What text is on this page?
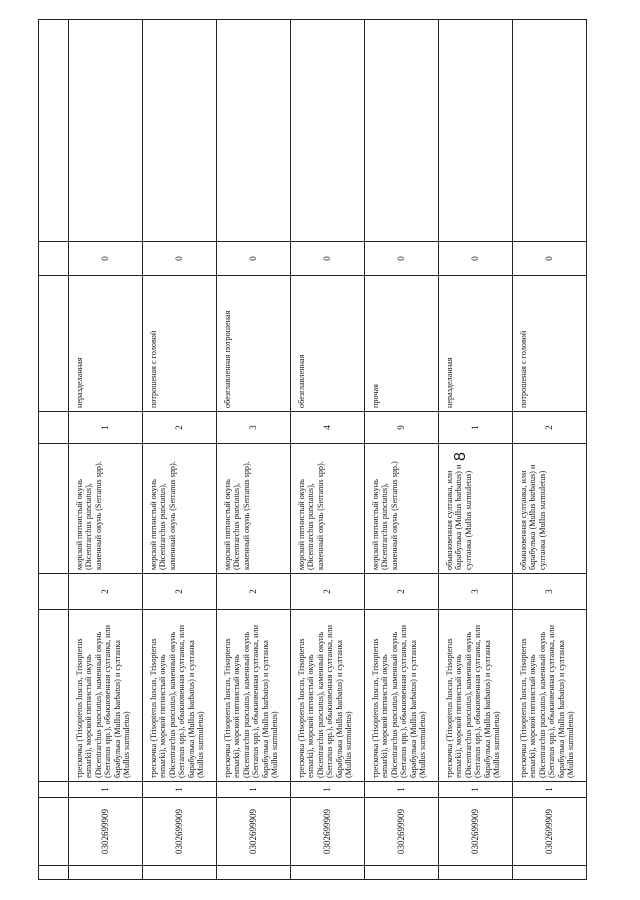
8

	0302699909	1	трескочка (Trisopterus luscus, Trisopterus esmarki), морской пятнистый окунь (Dicentrarchus punctatus), каменный окунь (Serranus spp.), обыкновенная султанка, или барабулька (Mullus barbatus) и султанка (Mullus surmuletus)	2	морской пятнистый окунь (Dicentrarchus punctatus), каменный окунь (Serranus spp).	1	неразделанная	0	
	0302699909	1	трескочка (Trisopterus luscus, Trisopterus esmarki), морской пятнистый окунь (Dicentrarchus punctatus), каменный окунь (Serranus spp.), обыкновенная султанка, или барабулька (Mullus barbatus) и султанка (Mullus surmuletus)	2	морской пятнистый окунь (Dicentrarchus punctatus), каменный окунь (Serranus spp).	2	потрошеная с головой	0	
	0302699909	1	трескочка (Trisopterus luscus, Trisopterus esmarki), морской пятнистый окунь (Dicentrarchus punctatus), каменный окунь (Serranus spp.), обыкновенная султанка, или барабулька (Mullus barbatus) и султанка (Mullus surmuletus)	2	морской пятнистый окунь (Dicentrarchus punctatus), каменный окунь (Serranus spp).	3	обезглавленная потрошеная	0	
	0302699909	1	трескочка (Trisopterus luscus, Trisopterus esmarki), морской пятнистый окунь (Dicentrarchus punctatus), каменный окунь (Serranus spp.), обыкновенная султанка, или барабулька (Mullus barbatus) и султанка (Mullus surmuletus)	2	морской пятнистый окунь (Dicentrarchus punctatus), каменный окунь (Serranus spp).	4	обезглавленная	0	
	0302699909	1	трескочка (Trisopterus luscus, Trisopterus esmarki), морской пятнистый окунь (Dicentrarchus punctatus), каменный окунь (Serranus spp.), обыкновенная султанка, или барабулька (Mullus barbatus) и султанка (Mullus surmuletus)	2	морской пятнистый окунь (Dicentrarchus punctatus), каменный окунь (Serranus spp.)	9	прочая	0	
	0302699909	1	трескочка (Trisopterus luscus, Trisopterus esmarki), морской пятнистый окунь (Dicentrarchus punctatus), каменный окунь (Serranus spp.), обыкновенная султанка, или барабулька (Mullus barbatus) и султанка (Mullus surmuletus)	3	обыкновенная султанка, или барабулька (Mullus barbatus) и султанка (Mullus surmuletus)	1	неразделанная	0	
	0302699909	1	трескочка (Trisopterus luscus, Trisopterus esmarki), морской пятнистый окунь (Dicentrarchus punctatus), каменный окунь (Serranus spp.), обыкновенная султанка, или барабулька (Mullus barbatus) и султанка (Mullus surmuletus)	3	обыкновенная султанка, или барабулька (Mullus barbatus) и султанка (Mullus surmuletus)	2	потрошеная с головой	0	
